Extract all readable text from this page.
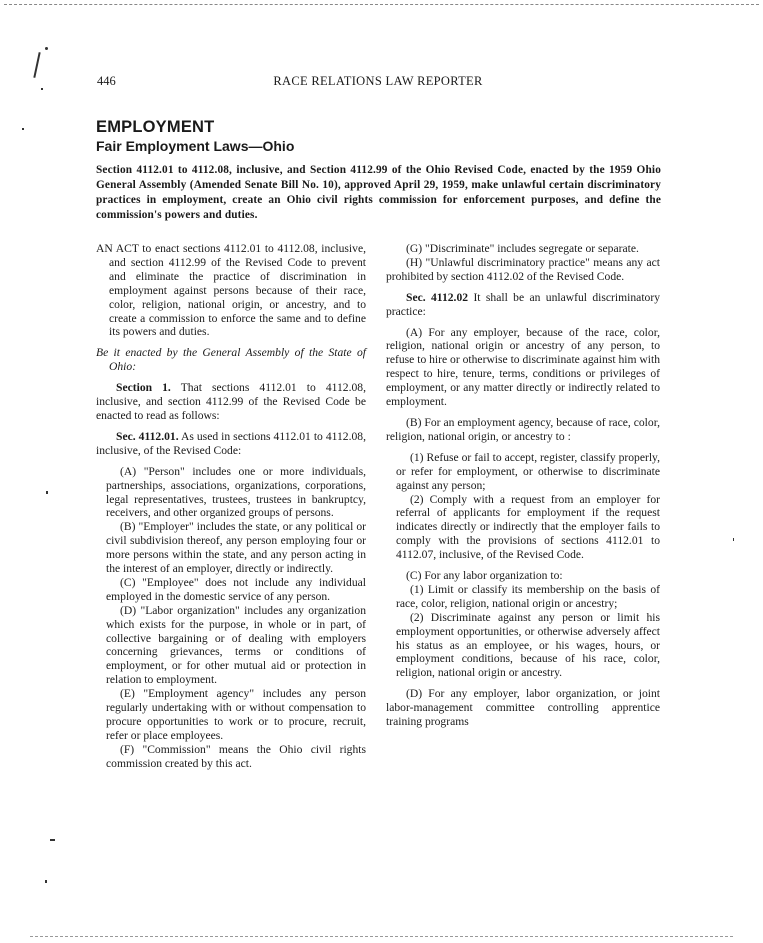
446	RACE RELATIONS LAW REPORTER
EMPLOYMENT
Fair Employment Laws—Ohio
Section 4112.01 to 4112.08, inclusive, and Section 4112.99 of the Ohio Revised Code, enacted by the 1959 Ohio General Assembly (Amended Senate Bill No. 10), approved April 29, 1959, make unlawful certain discriminatory practices in employment, create an Ohio civil rights commission for enforcement purposes, and define the commission's powers and duties.

AN ACT to enact sections 4112.01 to 4112.08, inclusive, and section 4112.99 of the Revised Code to prevent and eliminate the practice of discrimination in employment against persons because of their race, color, religion, national origin, or ancestry, and to create a commission to enforce the same and to define its powers and duties.

Be it enacted by the General Assembly of the State of Ohio:

Section 1. That sections 4112.01 to 4112.08, inclusive, and section 4112.99 of the Revised Code be enacted to read as follows:

Sec. 4112.01. As used in sections 4112.01 to 4112.08, inclusive, of the Revised Code:

(A) "Person" includes one or more individuals, partnerships, associations, organizations, corporations, legal representatives, trustees, trustees in bankruptcy, receivers, and other organized groups of persons.

(B) "Employer" includes the state, or any political or civil subdivision thereof, any person employing four or more persons within the state, and any person acting in the interest of an employer, directly or indirectly.

(C) "Employee" does not include any individual employed in the domestic service of any person.

(D) "Labor organization" includes any organization which exists for the purpose, in whole or in part, of collective bargaining or of dealing with employers concerning grievances, terms or conditions of employment, or for other mutual aid or protection in relation to employment.

(E) "Employment agency" includes any person regularly undertaking with or without compensation to procure opportunities to work or to procure, recruit, refer or place employees.

(F) "Commission" means the Ohio civil rights commission created by this act.

(G) "Discriminate" includes segregate or separate.

(H) "Unlawful discriminatory practice" means any act prohibited by section 4112.02 of the Revised Code.

Sec. 4112.02 It shall be an unlawful discriminatory practice:

(A) For any employer, because of the race, color, religion, national origin or ancestry of any person, to refuse to hire or otherwise to discriminate against him with respect to hire, tenure, terms, conditions or privileges of employment, or any matter directly or indirectly related to employment.

(B) For an employment agency, because of race, color, religion, national origin, or ancestry to :

(1) Refuse or fail to accept, register, classify properly, or refer for employment, or otherwise to discriminate against any person;

(2) Comply with a request from an employer for referral of applicants for employment if the request indicates directly or indirectly that the employer fails to comply with the provisions of sections 4112.01 to 4112.07, inclusive, of the Revised Code.

(C) For any labor organization to:

(1) Limit or classify its membership on the basis of race, color, religion, national origin or ancestry;

(2) Discriminate against any person or limit his employment opportunities, or otherwise adversely affect his status as an employee, or his wages, hours, or employment conditions, because of his race, color, religion, national origin or ancestry.

(D) For any employer, labor organization, or joint labor-management committee controlling apprentice training programs
